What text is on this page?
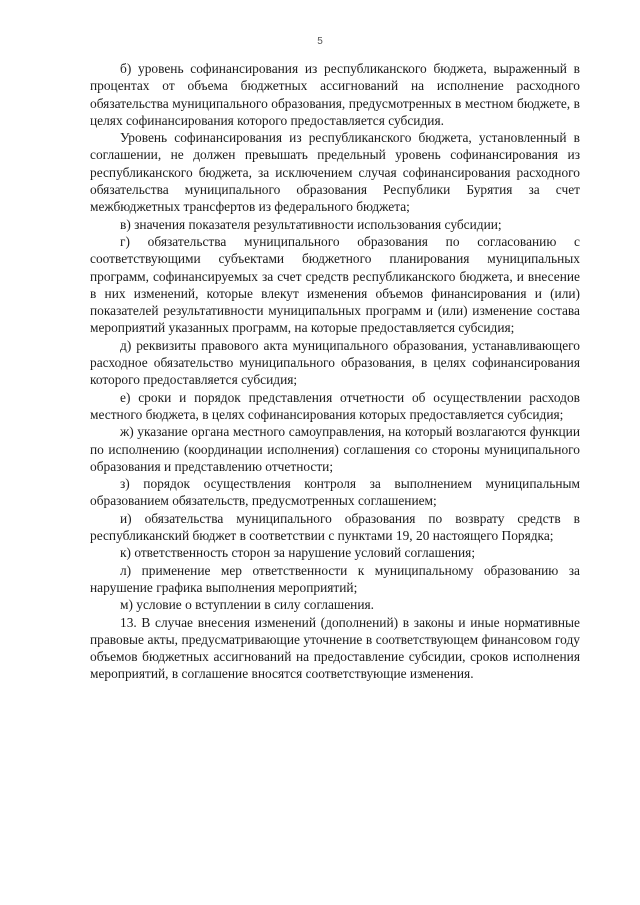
5

б) уровень софинансирования из республиканского бюджета, выраженный в процентах от объема бюджетных ассигнований на исполнение расходного обязательства муниципального образования, предусмотренных в местном бюджете, в целях софинансирования которого предоставляется субсидия.

Уровень софинансирования из республиканского бюджета, установленный в соглашении, не должен превышать предельный уровень софинансирования из республиканского бюджета, за исключением случая софинансирования расходного обязательства муниципального образования Республики Бурятия за счет межбюджетных трансфертов из федерального бюджета;

в) значения показателя результативности использования субсидии;

г) обязательства муниципального образования по согласованию с соответствующими субъектами бюджетного планирования муниципальных программ, софинансируемых за счет средств республиканского бюджета, и внесение в них изменений, которые влекут изменения объемов финансирования и (или) показателей результативности муниципальных программ и (или) изменение состава мероприятий указанных программ, на которые предоставляется субсидия;

д) реквизиты правового акта муниципального образования, устанавливающего расходное обязательство муниципального образования, в целях софинансирования которого предоставляется субсидия;

е) сроки и порядок представления отчетности об осуществлении расходов местного бюджета, в целях софинансирования которых предоставляется субсидия;

ж) указание органа местного самоуправления, на который возлагаются функции по исполнению (координации исполнения) соглашения со стороны муниципального образования и представлению отчетности;

з) порядок осуществления контроля за выполнением муниципальным образованием обязательств, предусмотренных соглашением;

и) обязательства муниципального образования по возврату средств в республиканский бюджет в соответствии с пунктами 19, 20 настоящего Порядка;

к) ответственность сторон за нарушение условий соглашения;

л) применение мер ответственности к муниципальному образованию за нарушение графика выполнения мероприятий;

м) условие о вступлении в силу соглашения.

13. В случае внесения изменений (дополнений) в законы и иные нормативные правовые акты, предусматривающие уточнение в соответствующем финансовом году объемов бюджетных ассигнований на предоставление субсидии, сроков исполнения мероприятий, в соглашение вносятся соответствующие изменения.
